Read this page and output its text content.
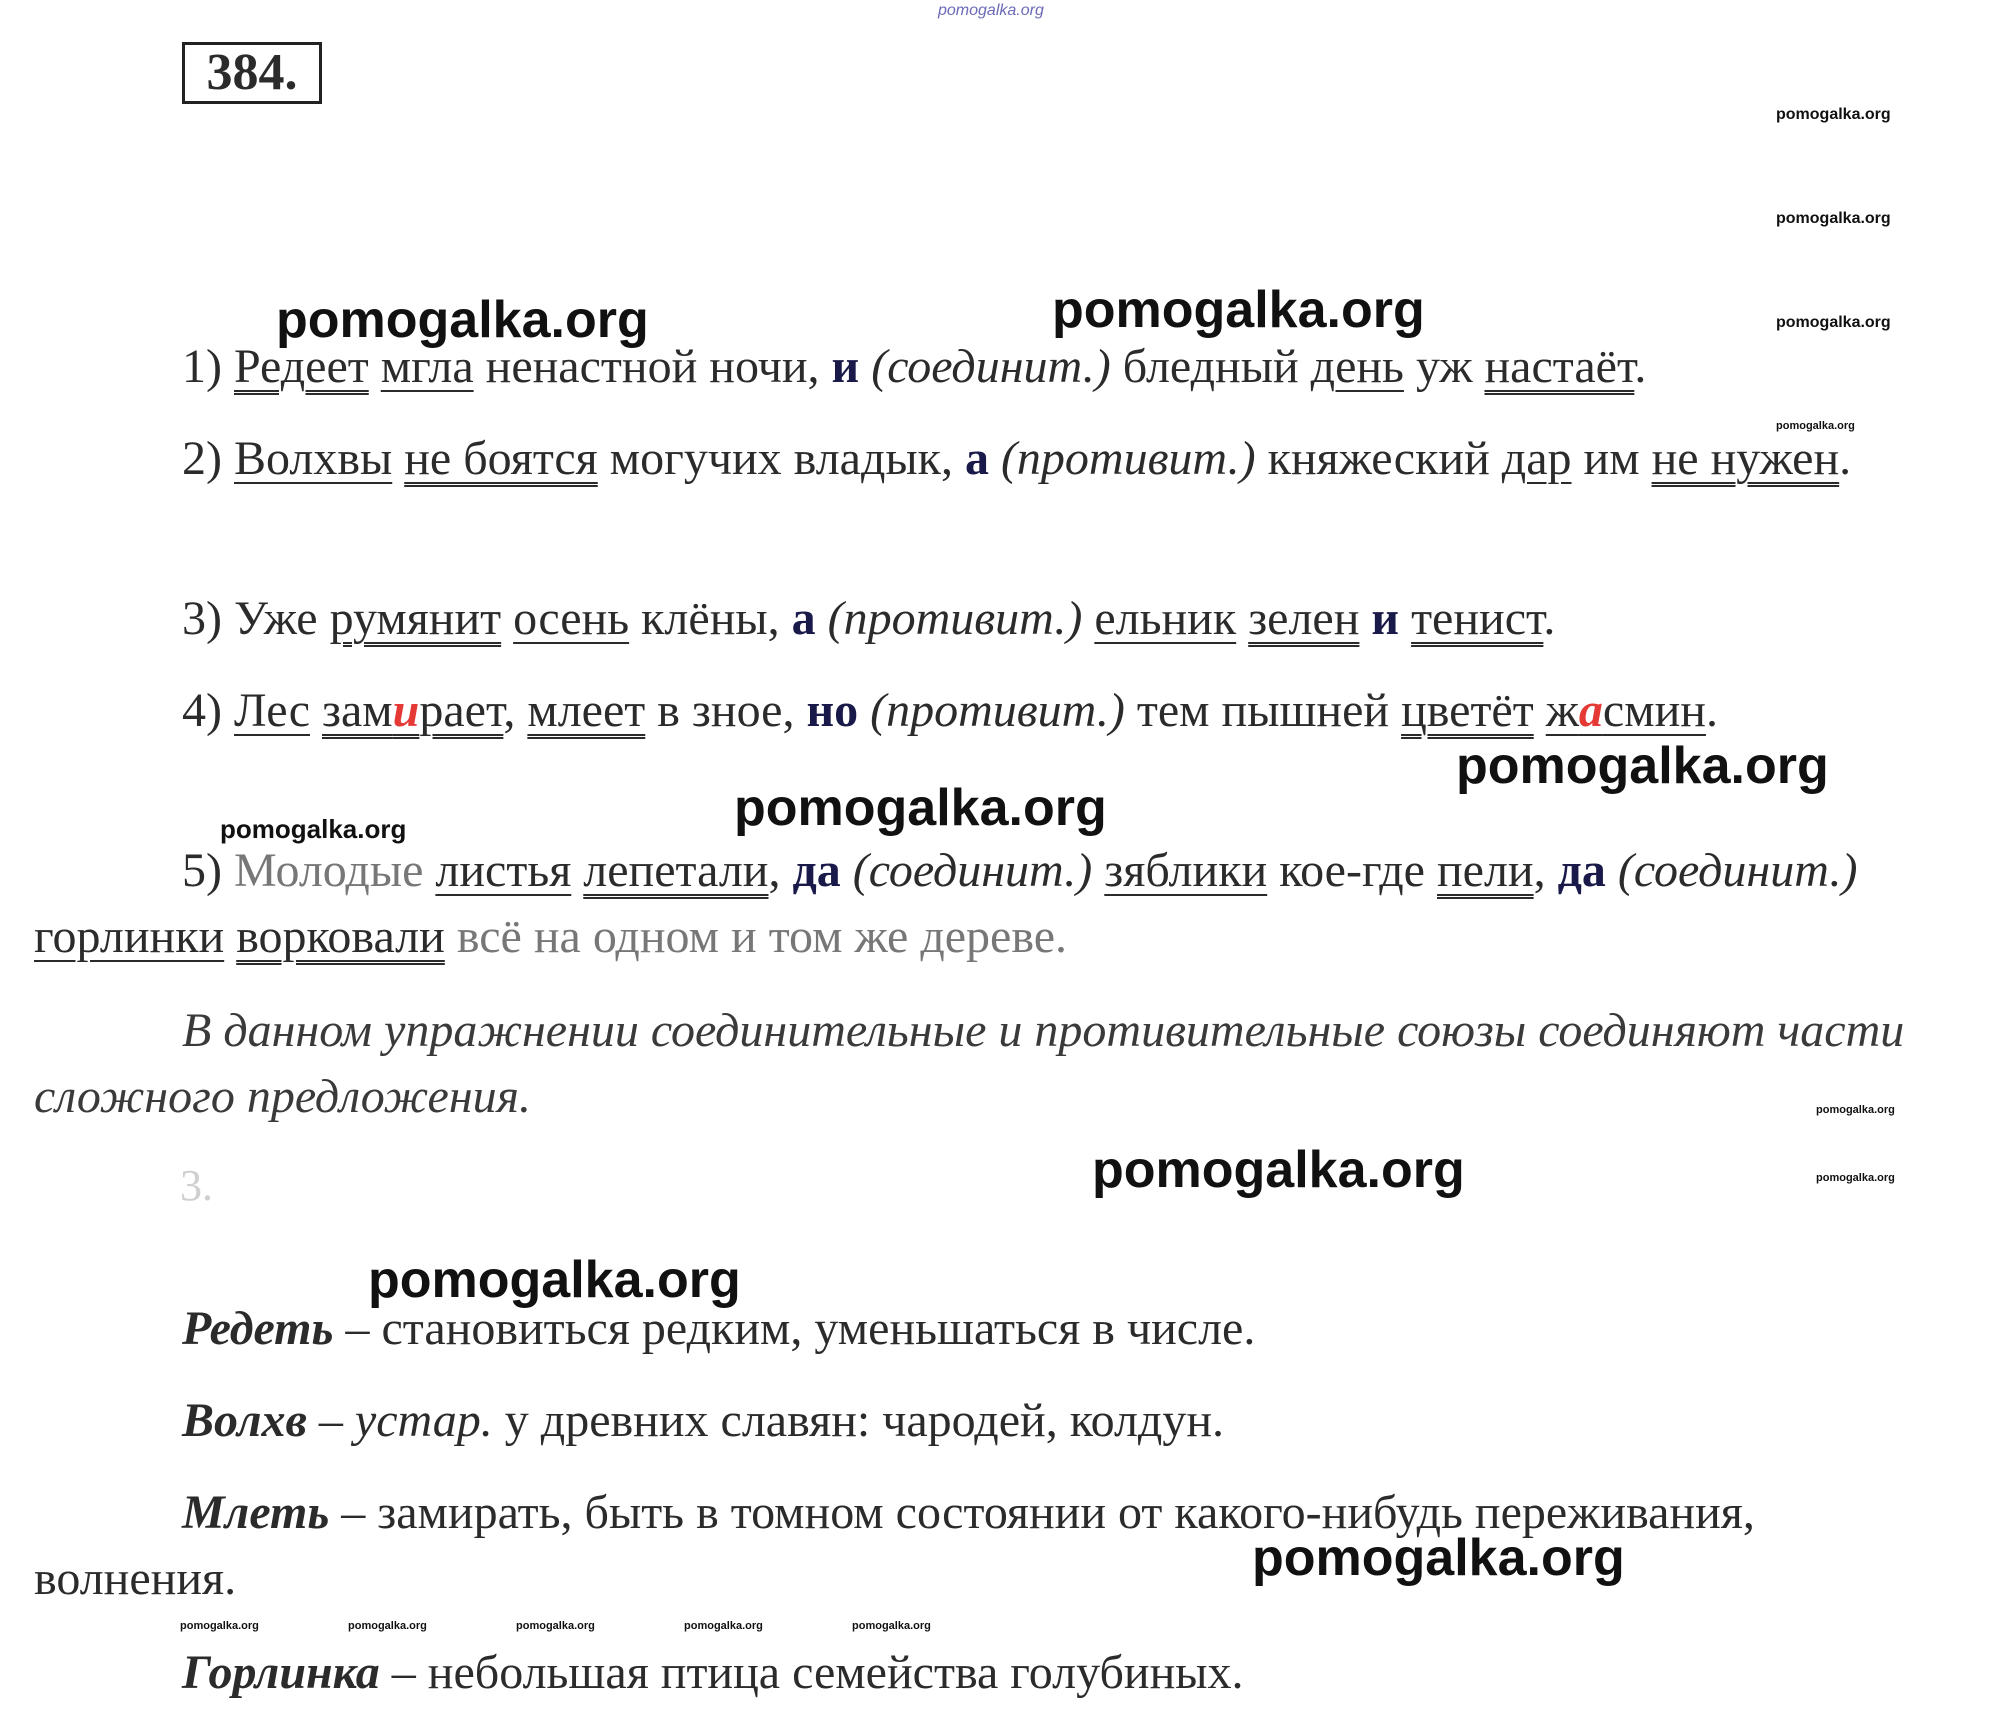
pomogalka.org
384.
pomogalka.org
pomogalka.org
pomogalka.org
pomogalka.org
pomogalka.org	pomogalka.org
pomogalka.org
pomogalka.org
pomogalka.org
pomogalka.org
pomogalka.org
pomogalka.org
pomogalka.org
pomogalka.org
pomogalka.org	pomogalka.org	pomogalka.org	pomogalka.org	pomogalka.org
1) Редеет мгла ненастной ночи, и (соединит.) бледный день уж настаёт.
2) Волхвы не боятся могучих владык, а (противит.) княжеский дар им не нужен.
3) Уже румянит осень клёны, а (противит.) ельник зелен и тенист.
4) Лес замирает, млеет в зное, но (противит.) тем пышней цветёт жасмин.
5) Молодые листья лепетали, да (соединит.) зяблики кое-где пели, да (соединит.) горлинки ворковали всё на одном и том же дереве.
В данном упражнении соединительные и противительные союзы соединяют части сложного предложения.
3.
Редеть – становиться редким, уменьшаться в числе.
Волхв – устар. у древних славян: чародей, колдун.
Млеть – замирать, быть в томном состоянии от какого-нибудь переживания, волнения.
Горлинка – небольшая птица семейства голубиных.
